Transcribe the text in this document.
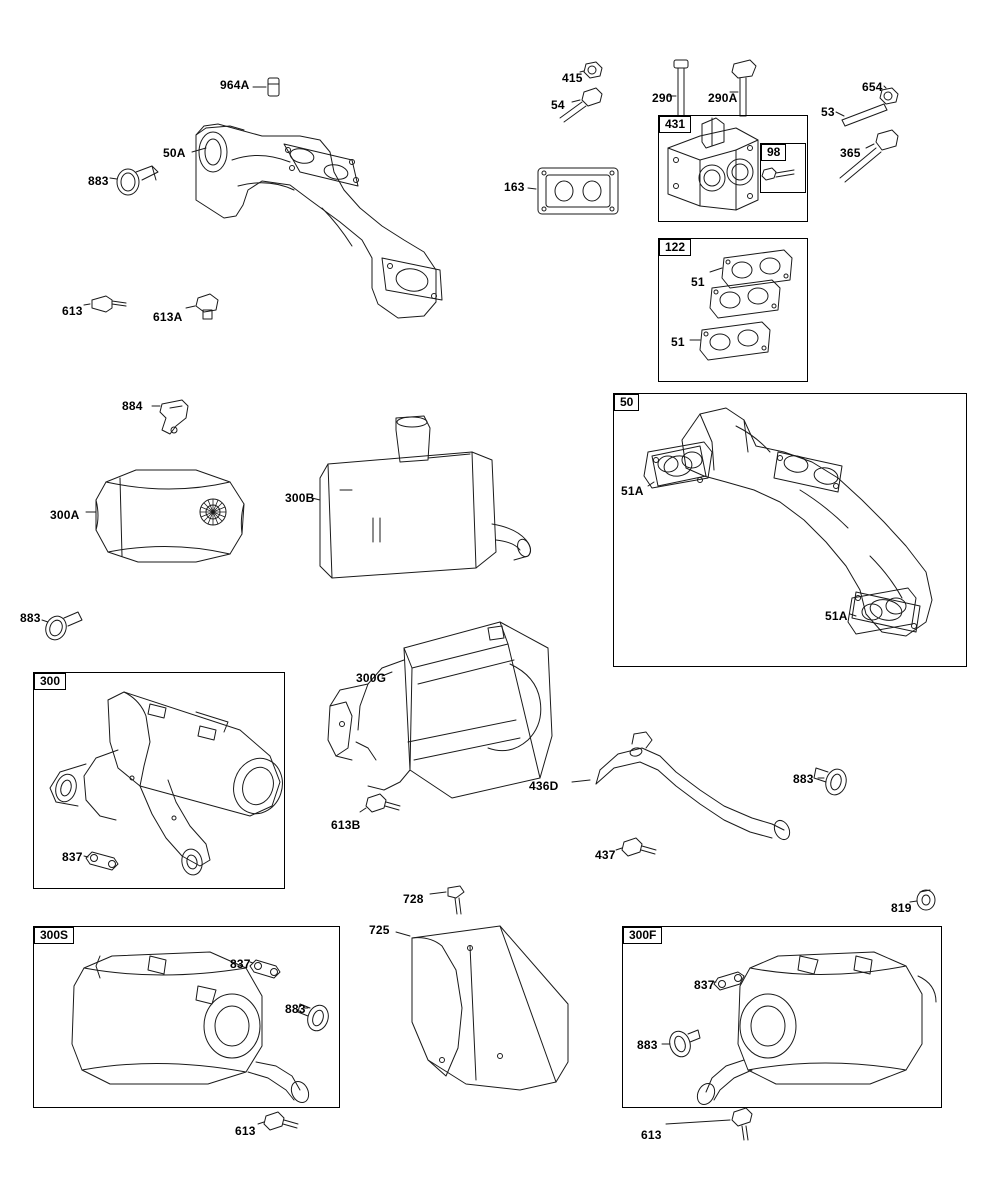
431
122
98
50
300
300S	300F
964A
50A
883
613	613A
884
300A
300B
883
300G
613B
837
436D
437
883
728
725
819
837
883
613
837
883
613
163
415
54	290	290A
53
654
365
51
51
51A
51A
